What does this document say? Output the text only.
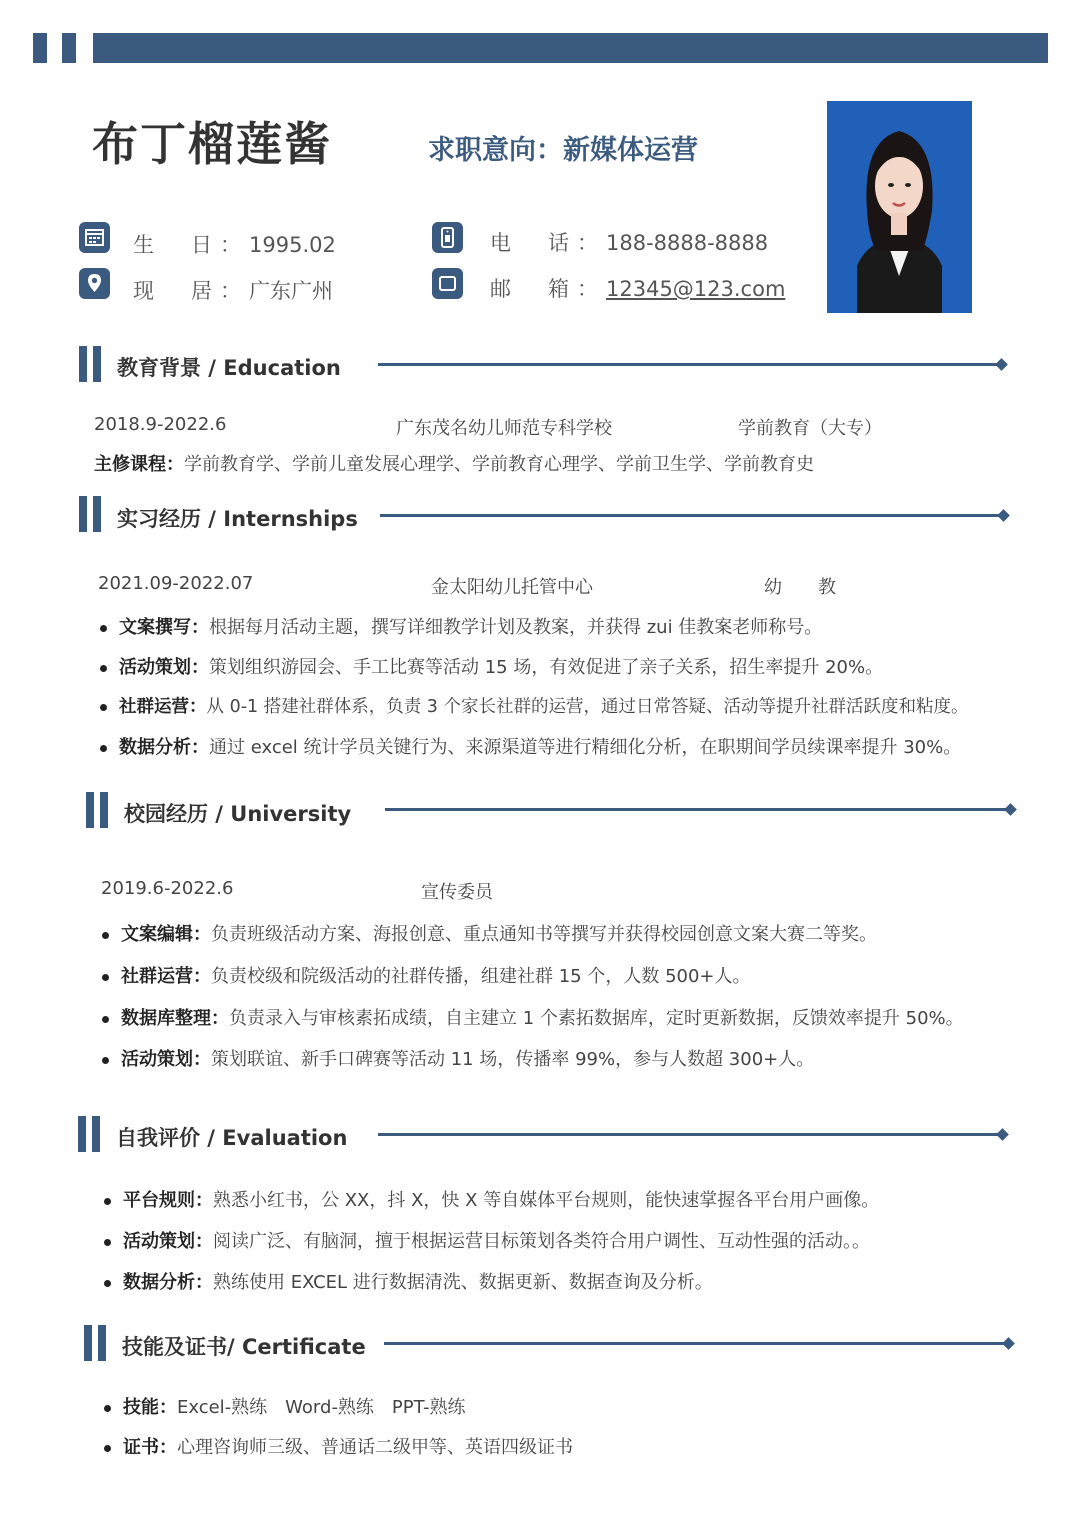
布丁榴莲酱	求职意向：新媒体运营
生　日：1995.02
现　居：广东广州
电　话：188-8888-8888
邮　箱：12345@123.com
教育背景 / Education
2018.9-2022.6	广东茂名幼儿师范专科学校	学前教育（大专）
主修课程：学前教育学、学前儿童发展心理学、学前教育心理学、学前卫生学、学前教育史
实习经历 / Internships
2021.09-2022.07	金太阳幼儿托管中心	幼　　教
文案撰写：根据每月活动主题，撰写详细教学计划及教案，并获得 zui 佳教案老师称号。
活动策划：策划组织游园会、手工比赛等活动 15 场，有效促进了亲子关系，招生率提升 20%。
社群运营：从 0-1 搭建社群体系，负责 3 个家长社群的运营，通过日常答疑、活动等提升社群活跃度和粘度。
数据分析：通过 excel 统计学员关键行为、来源渠道等进行精细化分析，在职期间学员续课率提升 30%。
校园经历 / University
2019.6-2022.6	宣传委员
文案编辑：负责班级活动方案、海报创意、重点通知书等撰写并获得校园创意文案大赛二等奖。
社群运营：负责校级和院级活动的社群传播，组建社群 15 个，人数 500+人。
数据库整理：负责录入与审核素拓成绩，自主建立 1 个素拓数据库，定时更新数据，反馈效率提升 50%。
活动策划：策划联谊、新手口碑赛等活动 11 场，传播率 99%，参与人数超 300+人。
自我评价 / Evaluation
平台规则：熟悉小红书，公 XX，抖 X，快 X 等自媒体平台规则，能快速掌握各平台用户画像。
活动策划：阅读广泛、有脑洞，擅于根据运营目标策划各类符合用户调性、互动性强的活动。。
数据分析：熟练使用 EXCEL 进行数据清洗、数据更新、数据查询及分析。
技能及证书/ Certificate
技能：Excel-熟练　Word-熟练　PPT-熟练
证书：心理咨询师三级、普通话二级甲等、英语四级证书
